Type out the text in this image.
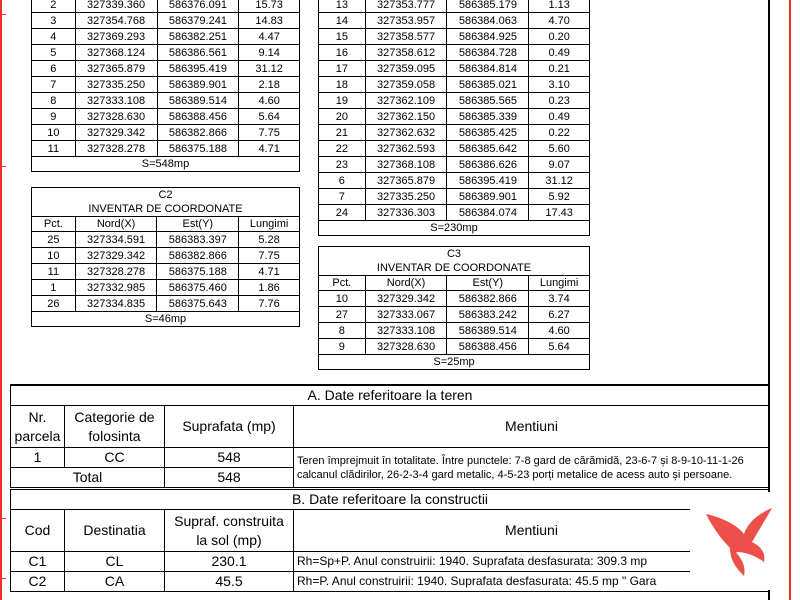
2	327339.360	586376.091	15.73
3	327354.768	586379.241	14.83
4	327369.293	586382.251	4.47
5	327368.124	586386.561	9.14
6	327365.879	586395.419	31.12
7	327335.250	586389.901	2.18
8	327333.108	586389.514	4.60
9	327328.630	586388.456	5.64
10	327329.342	586382.866	7.75
11	327328.278	586375.188	4.71
S=548mp			
13	327353.777	586385.179	1.13
14	327353.957	586384.063	4.70
15	327358.577	586384.925	0.20
16	327358.612	586384.728	0.49
17	327359.095	586384.814	0.21
18	327359.058	586385.021	3.10
19	327362.109	586385.565	0.23
20	327362.150	586385.339	0.49
21	327362.632	586385.425	0.22
22	327362.593	586385.642	5.60
23	327368.108	586386.626	9.07
6	327365.879	586395.419	31.12
7	327335.250	586389.901	5.92
24	327336.303	586384.074	17.43
S=230mp			
C2			
INVENTAR DE COORDONATE			
Pct.	Nord(X)	Est(Y)	Lungimi
25	327334.591	586383.397	5.28
10	327329.342	586382.866	7.75
11	327328.278	586375.188	4.71
1	327332.985	586375.460	1.86
26	327334.835	586375.643	7.76
S=46mp			
C3			
INVENTAR DE COORDONATE			
Pct.	Nord(X)	Est(Y)	Lungimi
10	327329.342	586382.866	3.74
27	327333.067	586383.242	6.27
8	327333.108	586389.514	4.60
9	327328.630	586388.456	5.64
S=25mp			
A. Date referitoare la teren			
Nr. parcela	Categorie de folosinta	Suprafata (mp)	Mentiuni
1	CC	548	Teren împrejmuit în totalitate. Între punctele: 7-8 gard de cărămidă, 23-6-7 și 8-9-10-11-1-26 calcanul clădirilor, 26-2-3-4 gard metalic, 4-5-23 porți metalice de acess auto și persoane.
Total		548	
B. Date referitoare la constructii			
Cod	Destinatia	Supraf. construita la sol (mp)	Mentiuni
C1	CL	230.1	Rh=Sp+P. Anul construirii: 1940. Suprafata desfasurata: 309.3 mp
C2	CA	45.5	Rh=P. Anul construirii: 1940. Suprafata desfasurata: 45.5 mp " Gara
